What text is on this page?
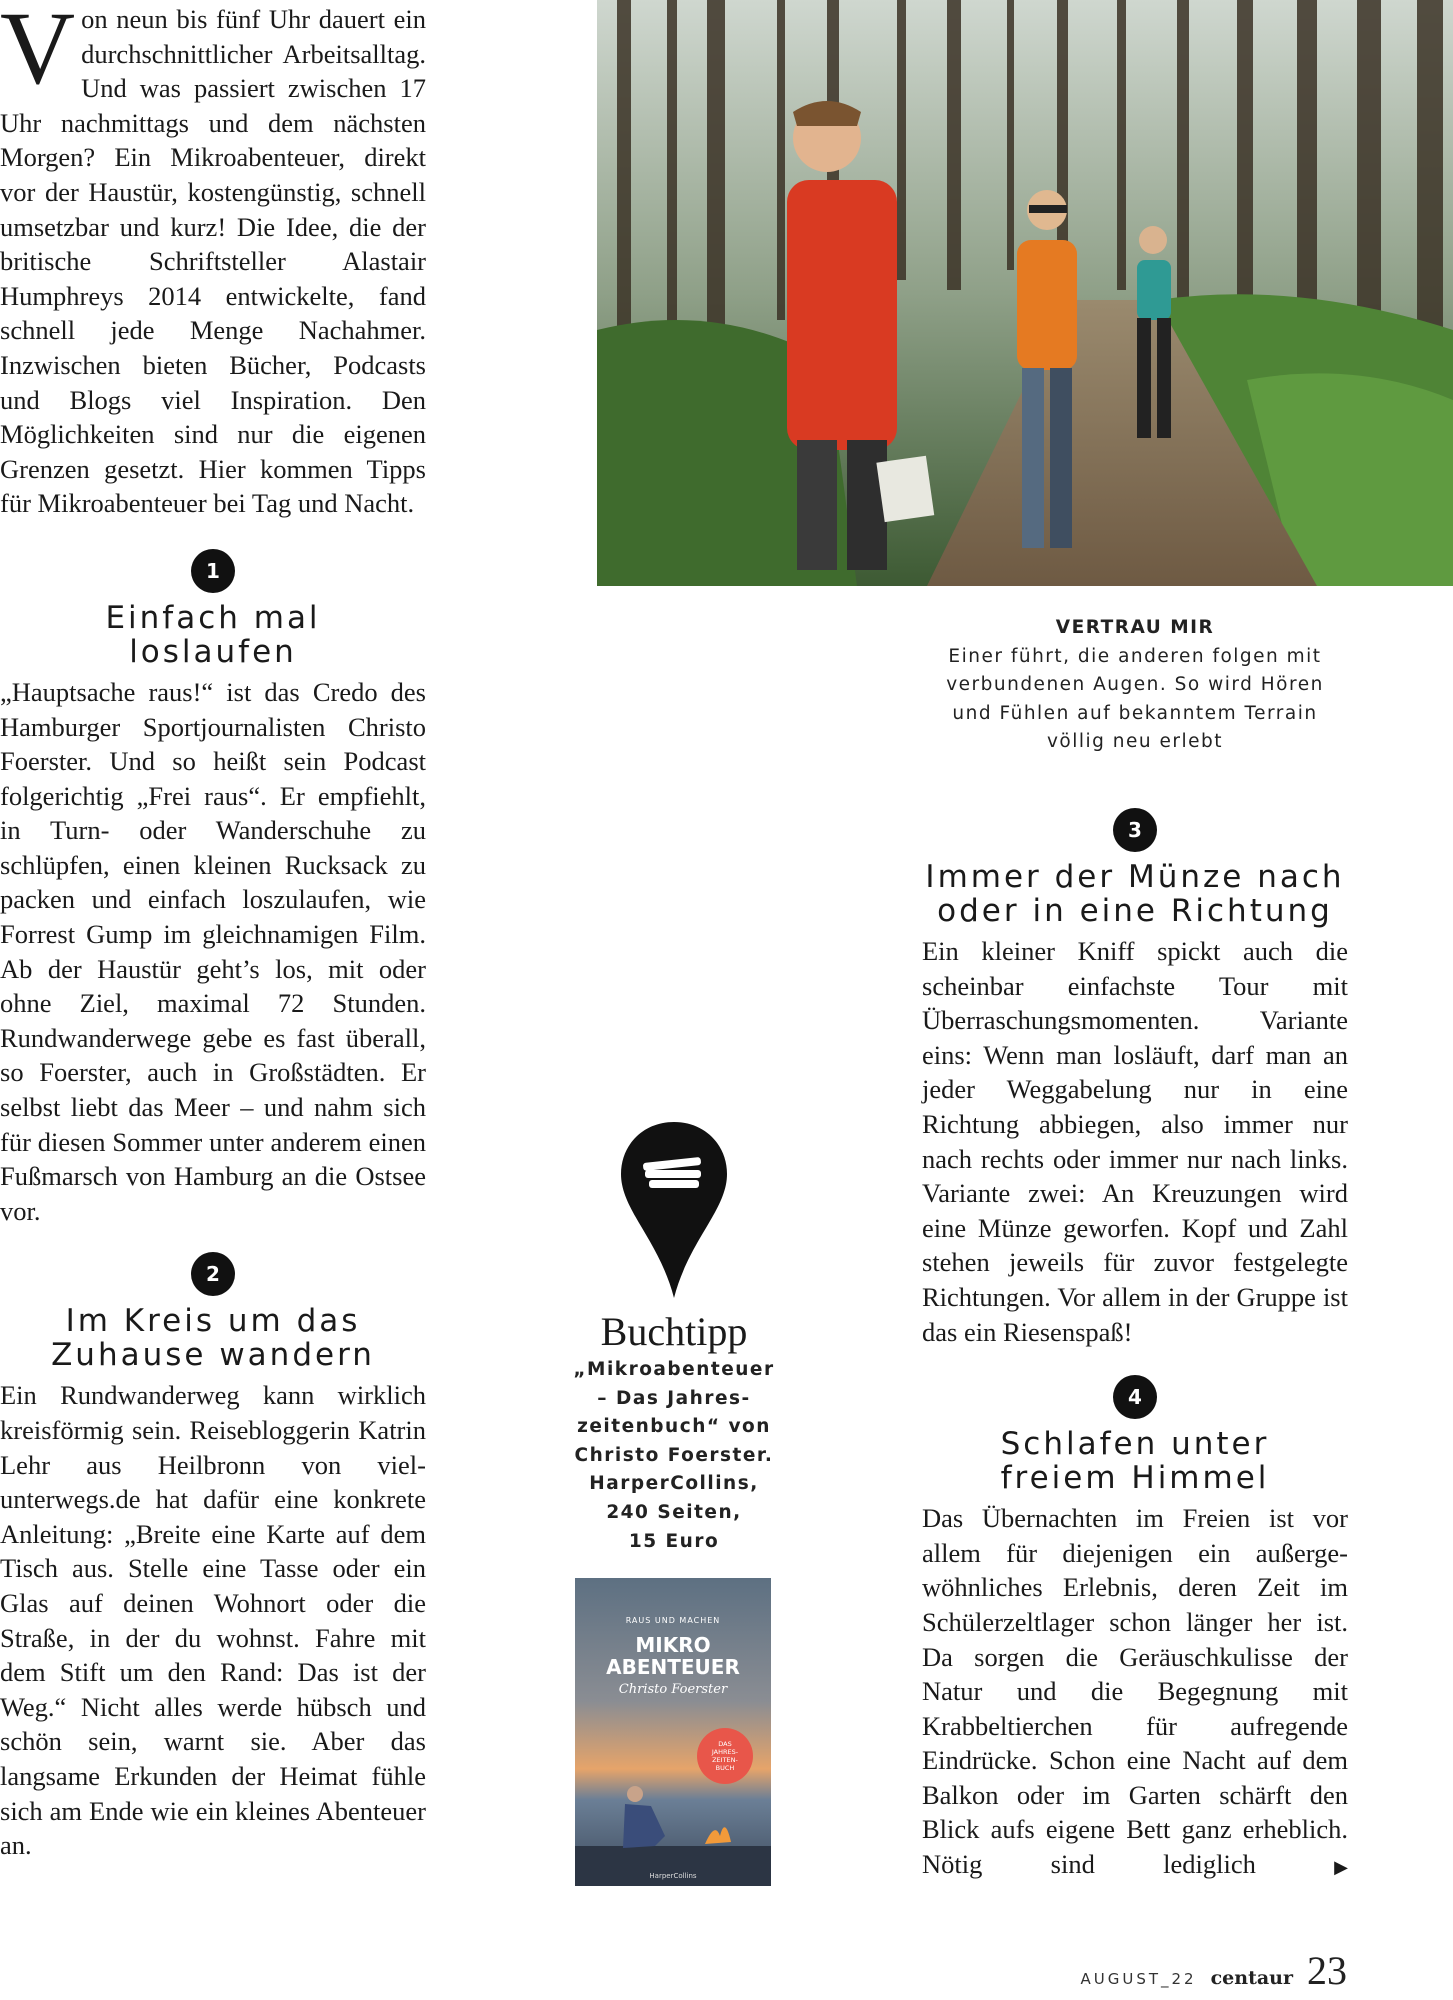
V on neun bis fünf Uhr dauert ein durchschnittlicher Arbeitsalltag. Und was passiert zwischen 17 Uhr nachmittags und dem nächsten Morgen? Ein Mikroabenteuer, direkt vor der Haustür, kostengünstig, schnell umsetzbar und kurz! Die Idee, die der britische Schriftsteller Alastair Humphreys 2014 entwickelte, fand schnell jede Menge Nachahmer. Inzwischen bieten Bücher, Podcasts und Blogs viel Inspiration. Den Möglichkeiten sind nur die eigenen Grenzen gesetzt. Hier kommen Tipps für Mikroabenteuer bei Tag und Nacht.

1
Einfach mal
loslaufen

„Hauptsache raus!“ ist das Credo des Hamburger Sportjournalisten Christo Foerster. Und so heißt sein Podcast folgerichtig „Frei raus“. Er empfiehlt, in Turn- oder Wanderschuhe zu schlüpfen, einen kleinen Rucksack zu packen und einfach loszulaufen, wie Forrest Gump im gleichnamigen Film. Ab der Haustür geht’s los, mit oder ohne Ziel, maximal 72 Stunden. Rundwanderwege gebe es fast überall, so Foerster, auch in Großstädten. Er selbst liebt das Meer – und nahm sich für diesen Sommer unter anderem einen Fußmarsch von Hamburg an die Ostsee vor.

2
Im Kreis um das
Zuhause wandern

Ein Rundwanderweg kann wirklich kreisförmig sein. Reisebloggerin Katrin Lehr aus Heilbronn von viel-unterwegs.de hat dafür eine konkrete Anleitung: „Breite eine Karte auf dem Tisch aus. Stelle eine Tasse oder ein Glas auf deinen Wohnort oder die Straße, in der du wohnst. Fahre mit dem Stift um den Rand: Das ist der Weg.“ Nicht alles werde hübsch und schön sein, warnt sie. Aber das langsame Erkunden der Heimat fühle sich am Ende wie ein kleines Abenteuer an.

VERTRAU MIR
Einer führt, die anderen folgen mit
verbundenen Augen. So wird Hören
und Fühlen auf bekanntem Terrain
völlig neu erlebt
Buchtipp
„Mikroabenteuer
– Das Jahres-
zeitenbuch“ von
Christo Foerster.
HarperCollins,
240 Seiten,
15 Euro
RAUS UND MACHEN
MIKRO
ABENTEUER
Christo Foerster
DAS
JAHRES-
ZEITEN-
BUCH
HarperCollins
3
Immer der Münze nach
oder in eine Richtung

Ein kleiner Kniff spickt auch die scheinbar einfachste Tour mit Überraschungsmomenten. Variante eins: Wenn man losläuft, darf man an jeder Weggabelung nur in eine Richtung abbiegen, also immer nur nach rechts oder immer nur nach links. Variante zwei: An Kreuzungen wird eine Münze geworfen. Kopf und Zahl stehen jeweils für zuvor festgelegte Richtungen. Vor allem in der Gruppe ist das ein Riesenspaß!

4
Schlafen unter
freiem Himmel

Das Übernachten im Freien ist vor allem für diejenigen ein außergewöhnliches Erlebnis, deren Zeit im Schülerzeltlager schon länger her ist. Da sorgen die Geräuschkulisse der Natur und die Begegnung mit Krabbeltierchen für aufregende Eindrücke. Schon eine Nacht auf dem Balkon oder im Garten schärft den Blick aufs eigene Bett ganz erheblich. Nötig sind lediglich	▶

AUGUST_22 centaur 23
